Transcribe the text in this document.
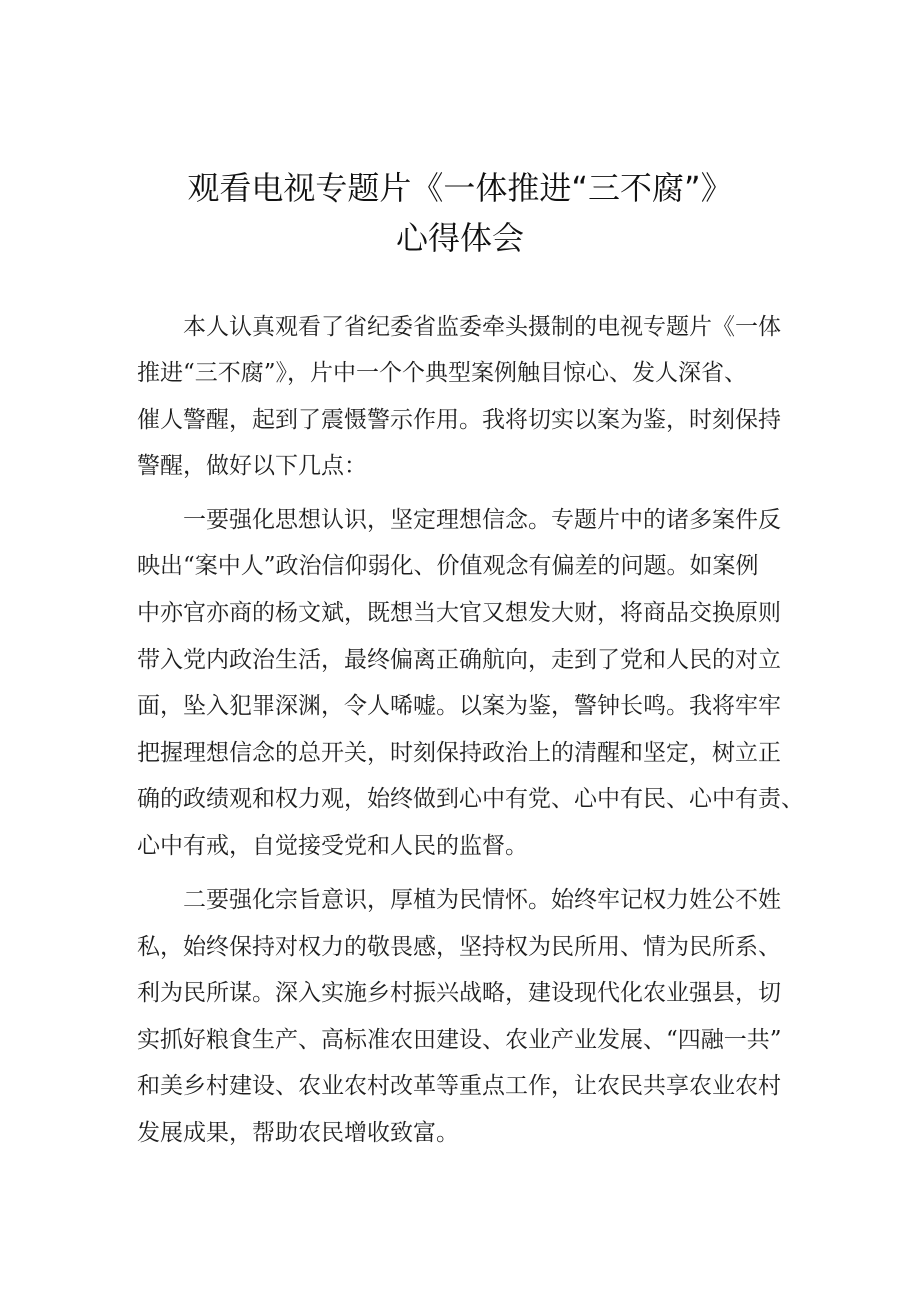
观看电视专题片《一体推进“三不腐”》
心得体会
本人认真观看了省纪委省监委牵头摄制的电视专题片《一体
推进“三不腐”》，片中一个个典型案例触目惊心、发人深省、
催人警醒，起到了震慑警示作用。我将切实以案为鉴，时刻保持
警醒，做好以下几点：
一要强化思想认识，坚定理想信念。专题片中的诸多案件反
映出“案中人”政治信仰弱化、价值观念有偏差的问题。如案例
中亦官亦商的杨文斌，既想当大官又想发大财，将商品交换原则
带入党内政治生活，最终偏离正确航向，走到了党和人民的对立
面，坠入犯罪深渊，令人唏嘘。以案为鉴，警钟长鸣。我将牢牢
把握理想信念的总开关，时刻保持政治上的清醒和坚定，树立正
确的政绩观和权力观，始终做到心中有党、心中有民、心中有责、
心中有戒，自觉接受党和人民的监督。
二要强化宗旨意识，厚植为民情怀。始终牢记权力姓公不姓
私，始终保持对权力的敬畏感，坚持权为民所用、情为民所系、
利为民所谋。深入实施乡村振兴战略，建设现代化农业强县，切
实抓好粮食生产、高标准农田建设、农业产业发展、“四融一共”
和美乡村建设、农业农村改革等重点工作，让农民共享农业农村
发展成果，帮助农民增收致富。
